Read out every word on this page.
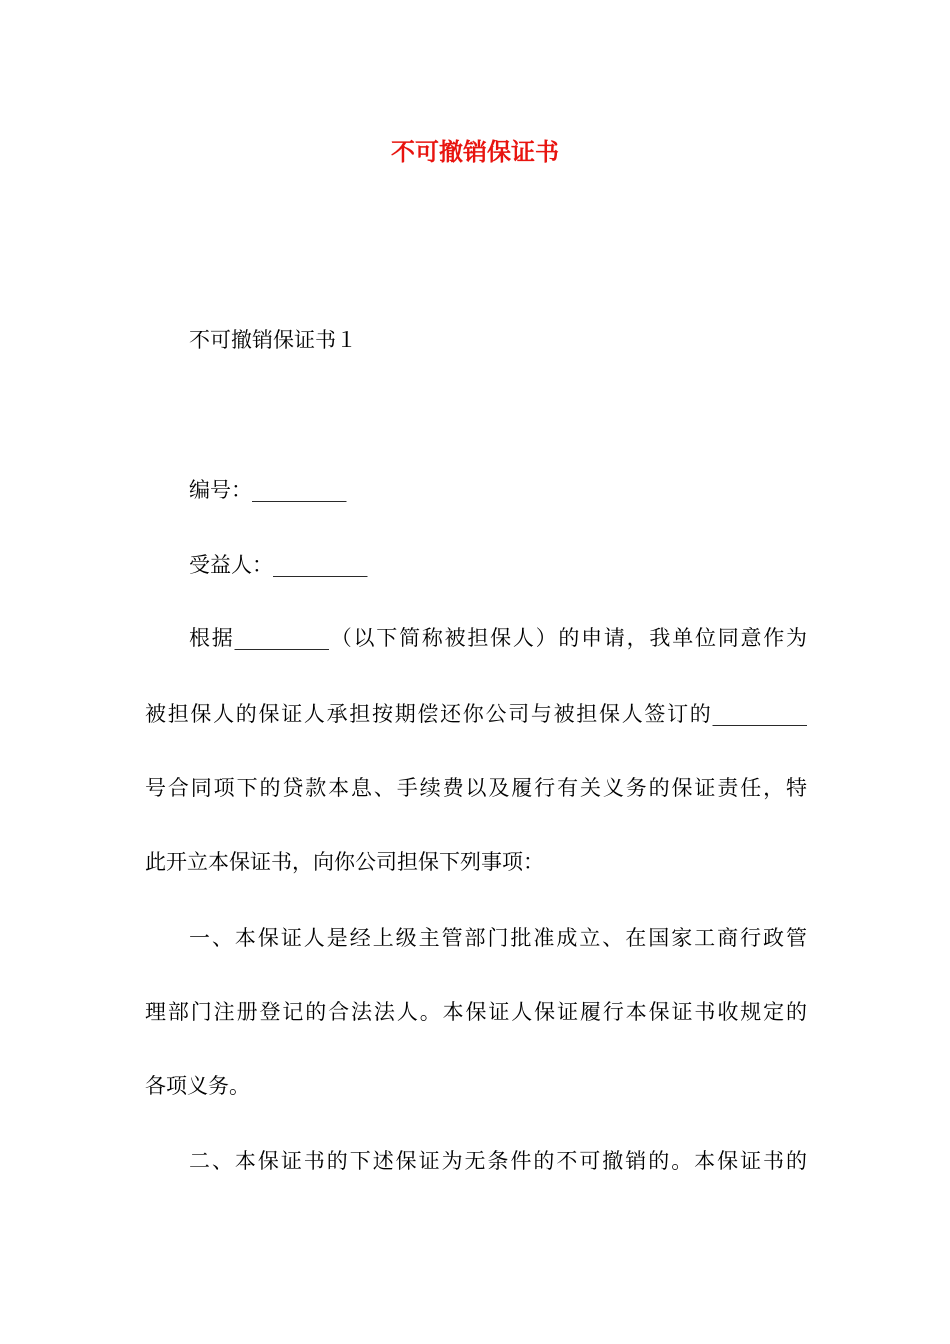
不可撤销保证书
不可撤销保证书１
编号：_________
受益人：_________
根据_________（以下简称被担保人）的申请，我单位同意作为
被担保人的保证人承担按期偿还你公司与被担保人签订的_________
号合同项下的贷款本息、手续费以及履行有关义务的保证责任，特
此开立本保证书，向你公司担保下列事项：
一、本保证人是经上级主管部门批准成立、在国家工商行政管
理部门注册登记的合法法人。本保证人保证履行本保证书收规定的
各项义务。
二、本保证书的下述保证为无条件的不可撤销的。本保证书的
